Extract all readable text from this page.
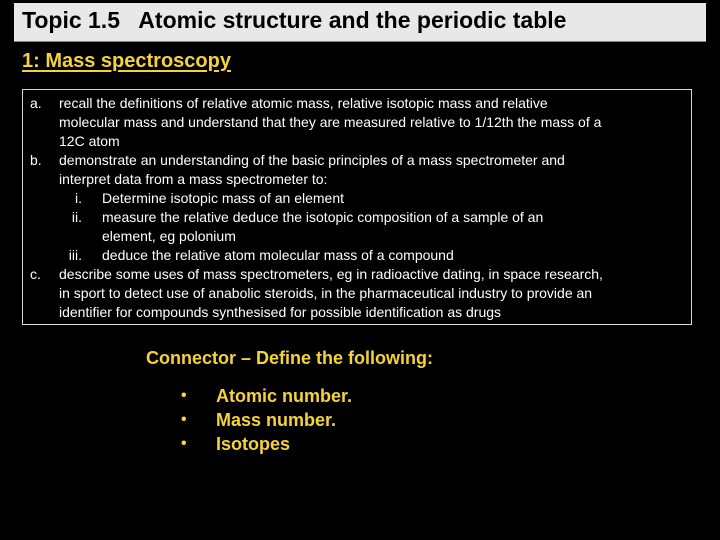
Topic 1.5   Atomic structure and the periodic table
1: Mass spectroscopy
a. recall the definitions of relative atomic mass, relative isotopic mass and relative
molecular mass and understand that they are measured relative to 1/12th the mass of a
12C atom
b. demonstrate an understanding of the basic principles of a mass spectrometer and
interpret data from a mass spectrometer to:
i. Determine isotopic mass of an element
ii. measure the relative deduce the isotopic composition of a sample of an
element, eg polonium
iii. deduce the relative atom molecular mass of a compound
c. describe some uses of mass spectrometers, eg in radioactive dating, in space research,
in sport to detect use of anabolic steroids, in the pharmaceutical industry to provide an
identifier for compounds synthesised for possible identification as drugs
Connector – Define the following:
• Atomic number.
• Mass number.
• Isotopes
